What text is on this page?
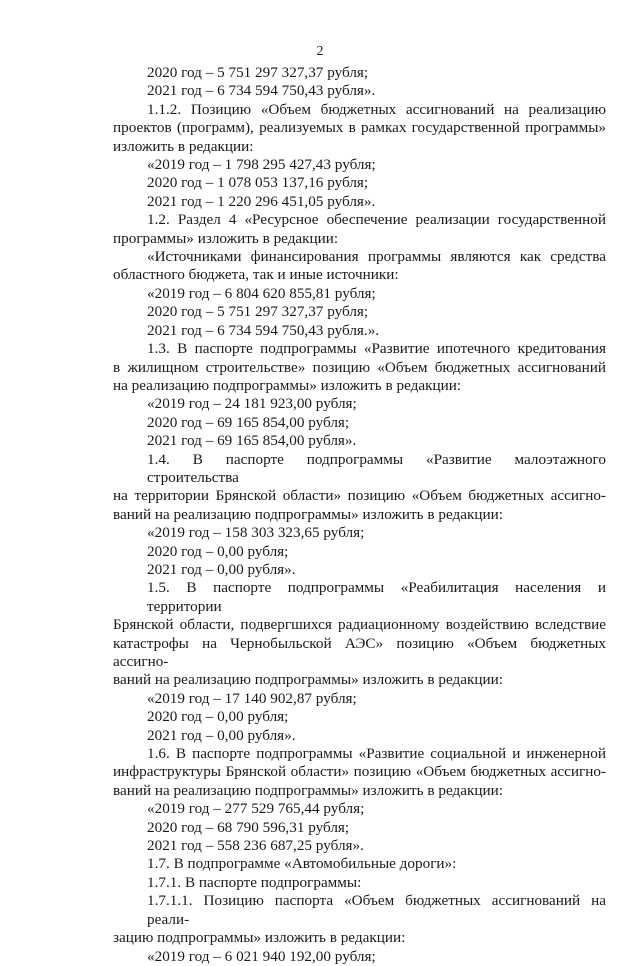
2
2020 год – 5 751 297 327,37 рубля;
2021 год – 6 734 594 750,43 рубля».
1.1.2. Позицию «Объем бюджетных ассигнований на реализацию
проектов (программ), реализуемых в рамках государственной программы»
изложить в редакции:
«2019 год – 1 798 295 427,43 рубля;
2020 год – 1 078 053 137,16 рубля;
2021 год – 1 220 296 451,05 рубля».
1.2. Раздел 4 «Ресурсное обеспечение реализации государственной
программы» изложить в редакции:
«Источниками финансирования программы являются как средства
областного бюджета, так и иные источники:
«2019 год – 6 804 620 855,81 рубля;
2020 год – 5 751 297 327,37 рубля;
2021 год – 6 734 594 750,43 рубля.».
1.3. В паспорте подпрограммы «Развитие ипотечного кредитования
в жилищном строительстве» позицию «Объем бюджетных ассигнований
на реализацию подпрограммы» изложить в редакции:
«2019 год – 24 181 923,00 рубля;
2020 год – 69 165 854,00 рубля;
2021 год – 69 165 854,00 рубля».
1.4. В паспорте подпрограммы «Развитие малоэтажного строительства
на территории Брянской области» позицию «Объем бюджетных ассигно-
ваний на реализацию подпрограммы» изложить в редакции:
«2019 год – 158 303 323,65 рубля;
2020 год – 0,00 рубля;
2021 год – 0,00 рубля».
1.5. В паспорте подпрограммы «Реабилитация населения и территории
Брянской области, подвергшихся радиационному воздействию вследствие
катастрофы на Чернобыльской АЭС» позицию «Объем бюджетных ассигно-
ваний на реализацию подпрограммы» изложить в редакции:
«2019 год – 17 140 902,87 рубля;
2020 год – 0,00 рубля;
2021 год – 0,00 рубля».
1.6. В паспорте подпрограммы «Развитие социальной и инженерной
инфраструктуры Брянской области» позицию «Объем бюджетных ассигно-
ваний на реализацию подпрограммы» изложить в редакции:
«2019 год – 277 529 765,44 рубля;
2020 год – 68 790 596,31 рубля;
2021 год – 558 236 687,25 рубля».
1.7. В подпрограмме «Автомобильные дороги»:
1.7.1. В паспорте подпрограммы:
1.7.1.1. Позицию паспорта «Объем бюджетных ассигнований на реали-
зацию подпрограммы» изложить в редакции:
«2019 год – 6 021 940 192,00 рубля;
